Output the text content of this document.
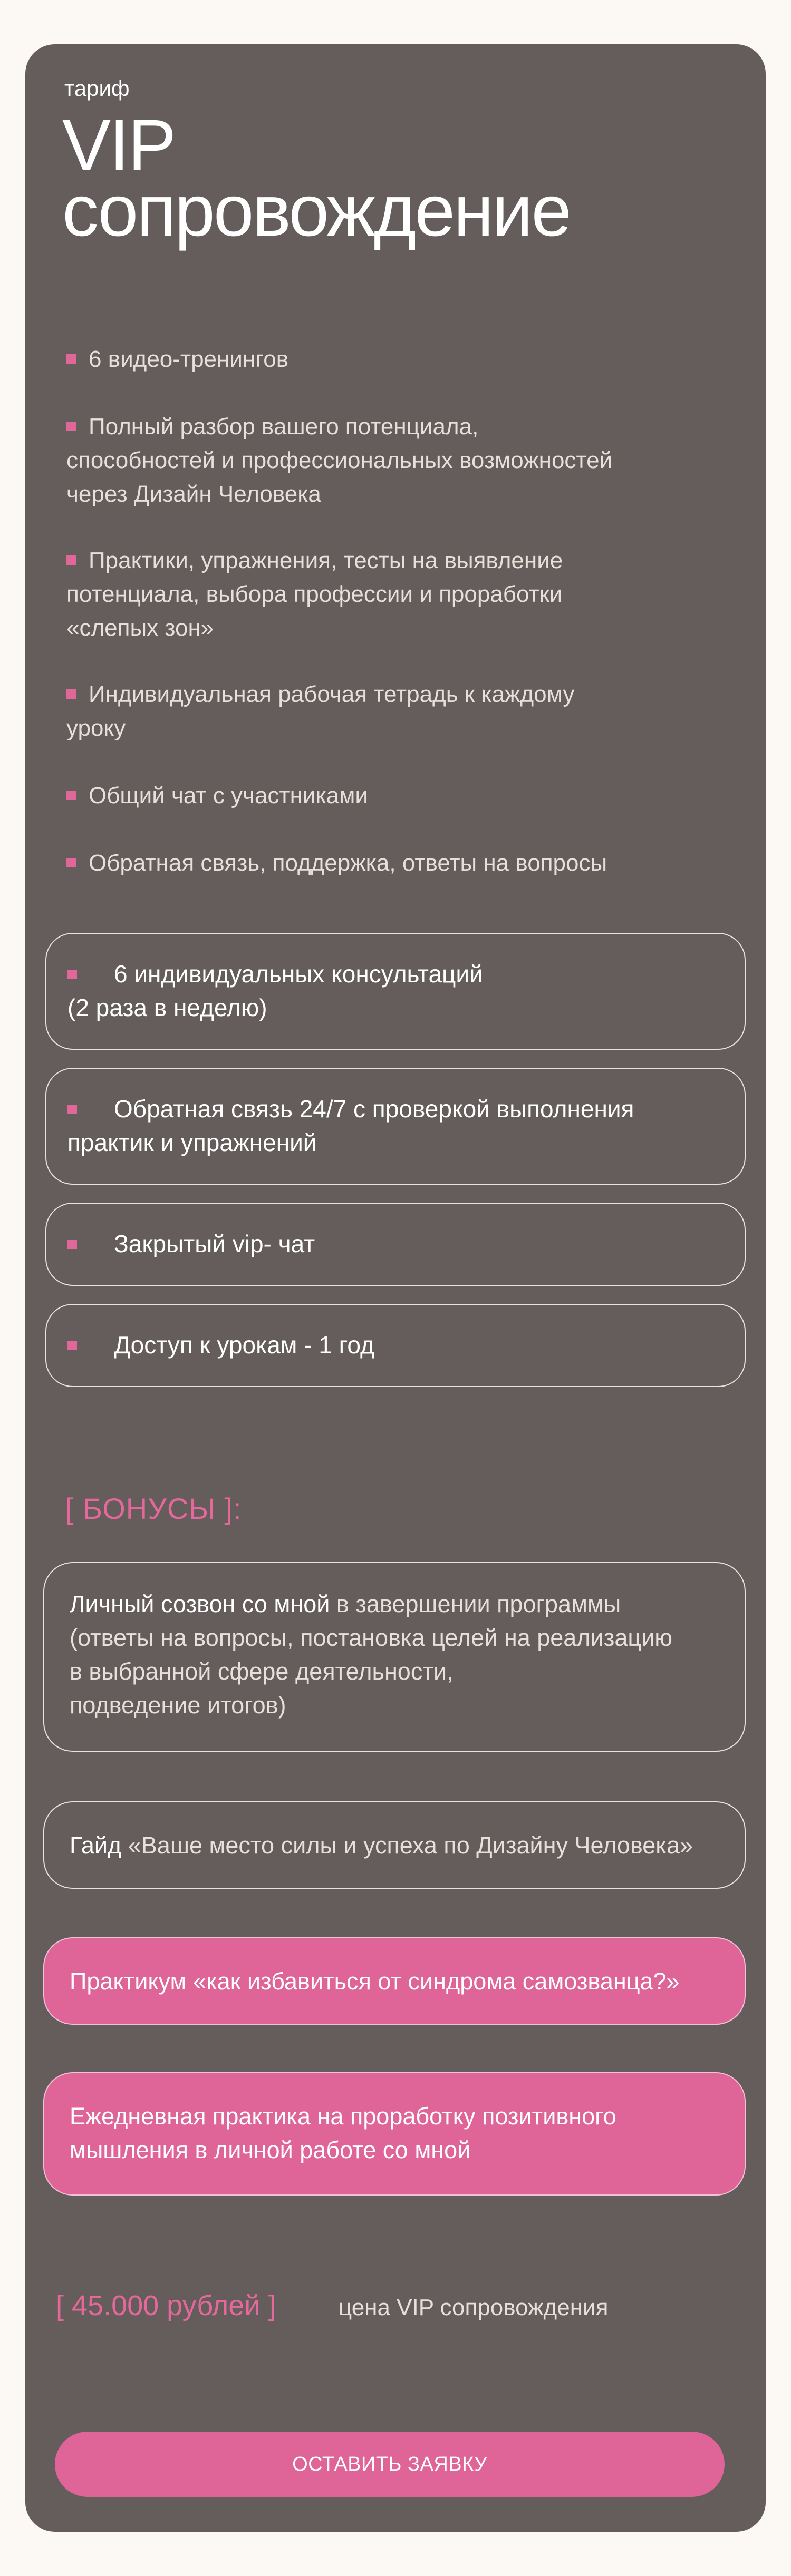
тариф
VIP
сопровождение
6 видео-тренингов
Полный разбор вашего потенциала,
способностей и профессиональных возможностей
через Дизайн Человека
Практики, упражнения, тесты на выявление
потенциала, выбора профессии и проработки
«слепых зон»
Индивидуальная рабочая тетрадь к каждому
уроку
Общий чат с участниками
Обратная связь, поддержка, ответы на вопросы
6 индивидуальных консультаций
(2 раза в неделю)
Обратная связь 24/7 с проверкой выполнения
практик и упражнений
Закрытый vip- чат
Доступ к урокам - 1 год
[ БОНУСЫ ]:
Личный созвон со мной в завершении программы
(ответы на вопросы, постановка целей на реализацию
в выбранной сфере деятельности,
подведение итогов)
Гайд «Ваше место силы и успеха по Дизайну Человека»
Практикум «как избавиться от синдрома самозванца?»
Ежедневная практика на проработку позитивного
мышления в личной работе со мной
[ 45.000 рублей ]	цена VIP сопровождения
ОСТАВИТЬ ЗАЯВКУ
